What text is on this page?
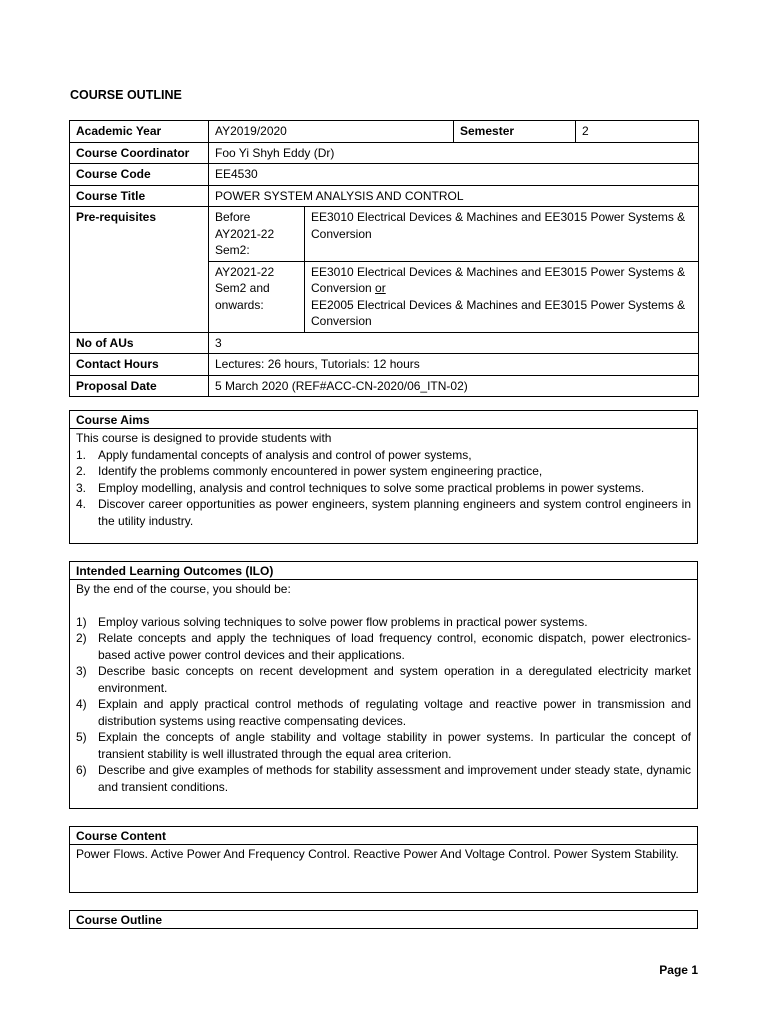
COURSE OUTLINE
Academic Year	AY2019/2020		Semester	2
Course Coordinator	Foo Yi Shyh Eddy (Dr)			
Course Code	EE4530			
Course Title	POWER SYSTEM ANALYSIS AND CONTROL			
Pre-requisites	Before AY2021-22 Sem2:	EE3010 Electrical Devices & Machines and EE3015 Power Systems & Conversion		
	AY2021-22 Sem2 and onwards:	EE3010 Electrical Devices & Machines and EE3015 Power Systems & Conversion or
EE2005 Electrical Devices & Machines and EE3015 Power Systems & Conversion		
No of AUs	3			
Contact Hours	Lectures: 26 hours, Tutorials: 12 hours			
Proposal Date	5 March 2020 (REF#ACC-CN-2020/06_ITN-02)			
Course Aims
This course is designed to provide students with
1. Apply fundamental concepts of analysis and control of power systems,
2. Identify the problems commonly encountered in power system engineering practice,
3. Employ modelling, analysis and control techniques to solve some practical problems in power systems.
4. Discover career opportunities as power engineers, system planning engineers and system control engineers in the utility industry.
Intended Learning Outcomes (ILO)
By the end of the course, you should be:
1) Employ various solving techniques to solve power flow problems in practical power systems.
2) Relate concepts and apply the techniques of load frequency control, economic dispatch, power electronics-based active power control devices and their applications.
3) Describe basic concepts on recent development and system operation in a deregulated electricity market environment.
4) Explain and apply practical control methods of regulating voltage and reactive power in transmission and distribution systems using reactive compensating devices.
5) Explain the concepts of angle stability and voltage stability in power systems. In particular the concept of transient stability is well illustrated through the equal area criterion.
6) Describe and give examples of methods for stability assessment and improvement under steady state, dynamic and transient conditions.
Course Content
Power Flows. Active Power And Frequency Control. Reactive Power And Voltage Control. Power System Stability.
Course Outline
Page 1
